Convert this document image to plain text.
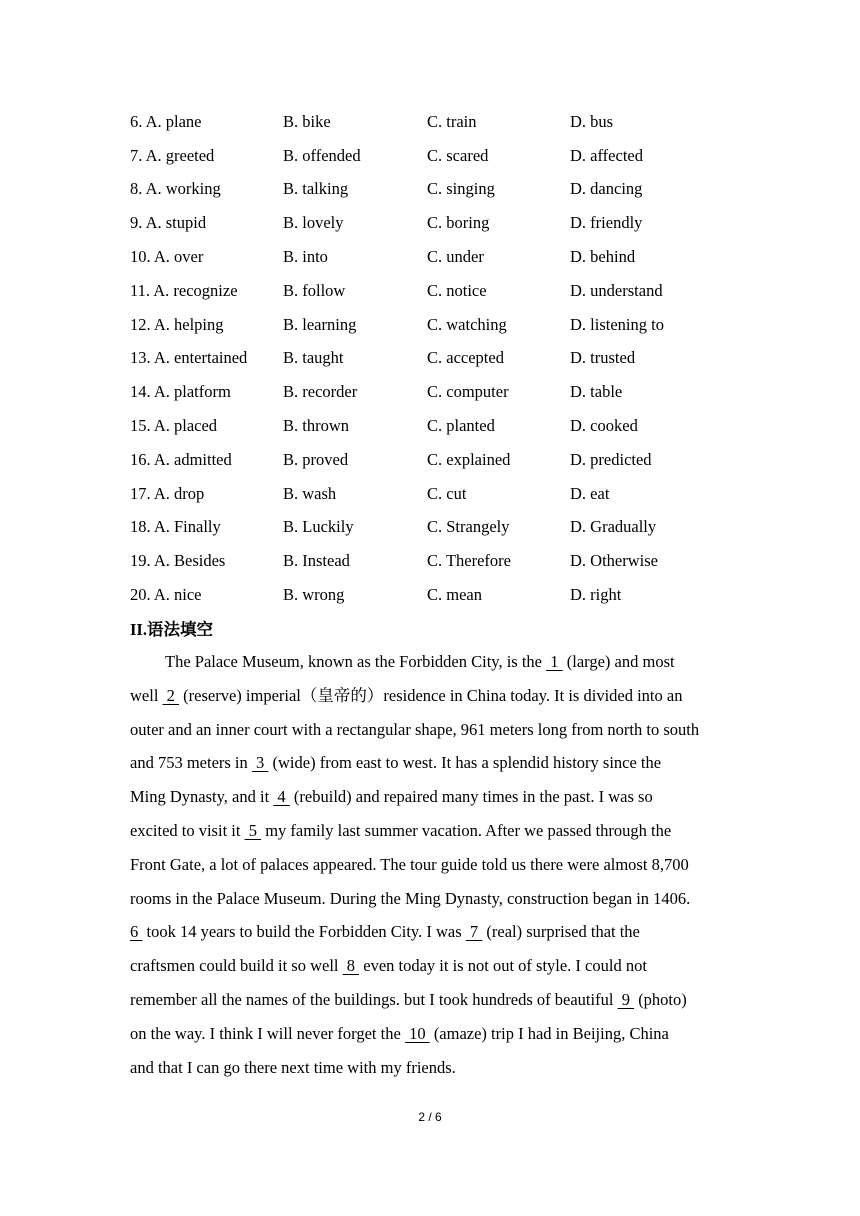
6. A. plane	B. bike	C. train	D. bus
7. A. greeted	B. offended	C. scared	D. affected
8. A. working	B. talking	C. singing	D. dancing
9. A. stupid	B. lovely	C. boring	D. friendly
10. A. over	B. into	C. under	D. behind
11. A. recognize	B. follow	C. notice	D. understand
12. A. helping	B. learning	C. watching	D. listening to
13. A. entertained	B. taught	C. accepted	D. trusted
14. A. platform	B. recorder	C. computer	D. table
15. A. placed	B. thrown	C. planted	D. cooked
16. A. admitted	B. proved	C. explained	D. predicted
17. A. drop	B. wash	C. cut	D. eat
18. A. Finally	B. Luckily	C. Strangely	D. Gradually
19. A. Besides	B. Instead	C. Therefore	D. Otherwise
20. A. nice	B. wrong	C. mean	D. right
II.语法填空
The Palace Museum, known as the Forbidden City, is the  1  (large) and most
well  2  (reserve) imperial（皇帝的）residence in China today. It is divided into an
outer and an inner court with a rectangular shape, 961 meters long from north to south
and 753 meters in  3  (wide) from east to west. It has a splendid history since the
Ming Dynasty, and it  4  (rebuild) and repaired many times in the past. I was so
excited to visit it  5  my family last summer vacation. After we passed through the
Front Gate, a lot of palaces appeared. The tour guide told us there were almost 8,700
rooms in the Palace Museum. During the Ming Dynasty, construction began in 1406.
6  took 14 years to build the Forbidden City. I was  7  (real) surprised that the
craftsmen could build it so well  8  even today it is not out of style. I could not
remember all the names of the buildings. but I took hundreds of beautiful  9  (photo)
on the way. I think I will never forget the  10  (amaze) trip I had in Beijing, China
and that I can go there next time with my friends.
2 / 6
